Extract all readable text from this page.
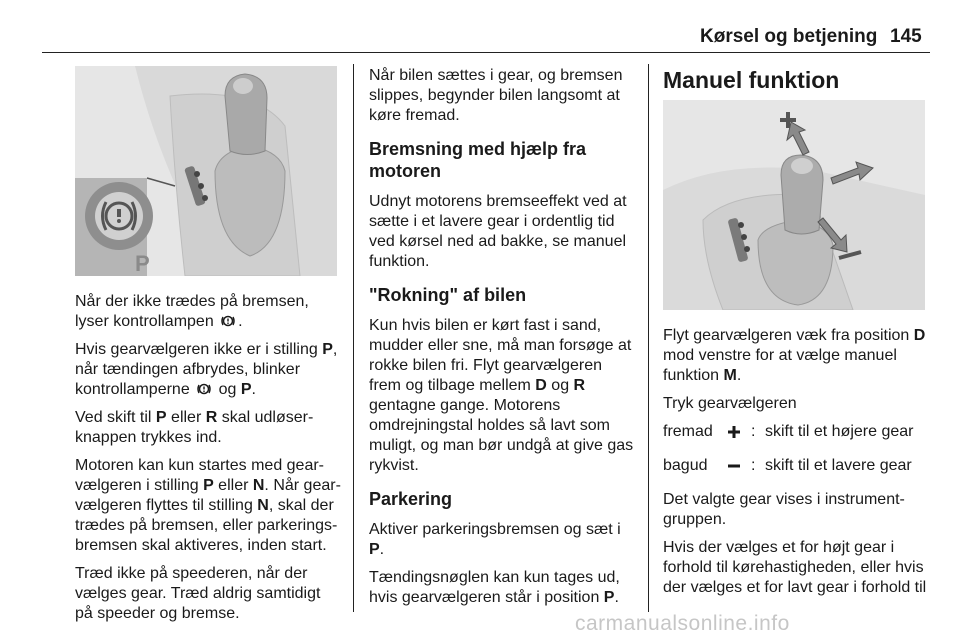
Kørsel og betjening 145
P

Når der ikke trædes på bremsen, lyser kontrollampen .

Hvis gearvælgeren ikke er i stilling P, når tændingen afbrydes, blinker kontrollamperne  og P.

Ved skift til P eller R skal udløser-knappen trykkes ind.

Motoren kan kun startes med gear-vælgeren i stilling P eller N. Når gear-vælgeren flyttes til stilling N, skal der trædes på bremsen, eller parkerings-bremsen skal aktiveres, inden start.

Træd ikke på speederen, når der vælges gear. Træd aldrig samtidigt på speeder og bremse.

Når bilen sættes i gear, og bremsen slippes, begynder bilen langsomt at køre fremad.

Bremsning med hjælp fra motoren

Udnyt motorens bremseeffekt ved at sætte i et lavere gear i ordentlig tid ved kørsel ned ad bakke, se manuel funktion.

"Rokning" af bilen

Kun hvis bilen er kørt fast i sand, mudder eller sne, må man forsøge at rokke bilen fri. Flyt gearvælgeren frem og tilbage mellem D og R gentagne gange. Motorens omdrejningstal holdes så lavt som muligt, og man bør undgå at give gas rykvist.

Parkering

Aktiver parkeringsbremsen og sæt i P.

Tændingsnøglen kan kun tages ud, hvis gearvælgeren står i position P.

Manuel funktion

Flyt gearvælgeren væk fra position D mod venstre for at vælge manuel funktion M.

Tryk gearvælgeren

fremad	: skift til et højere gear
bagud	: skift til et lavere gear

Det valgte gear vises i instrument-gruppen.

Hvis der vælges et for højt gear i forhold til kørehastigheden, eller hvis der vælges et for lavt gear i forhold til

carmanualsonline.info
